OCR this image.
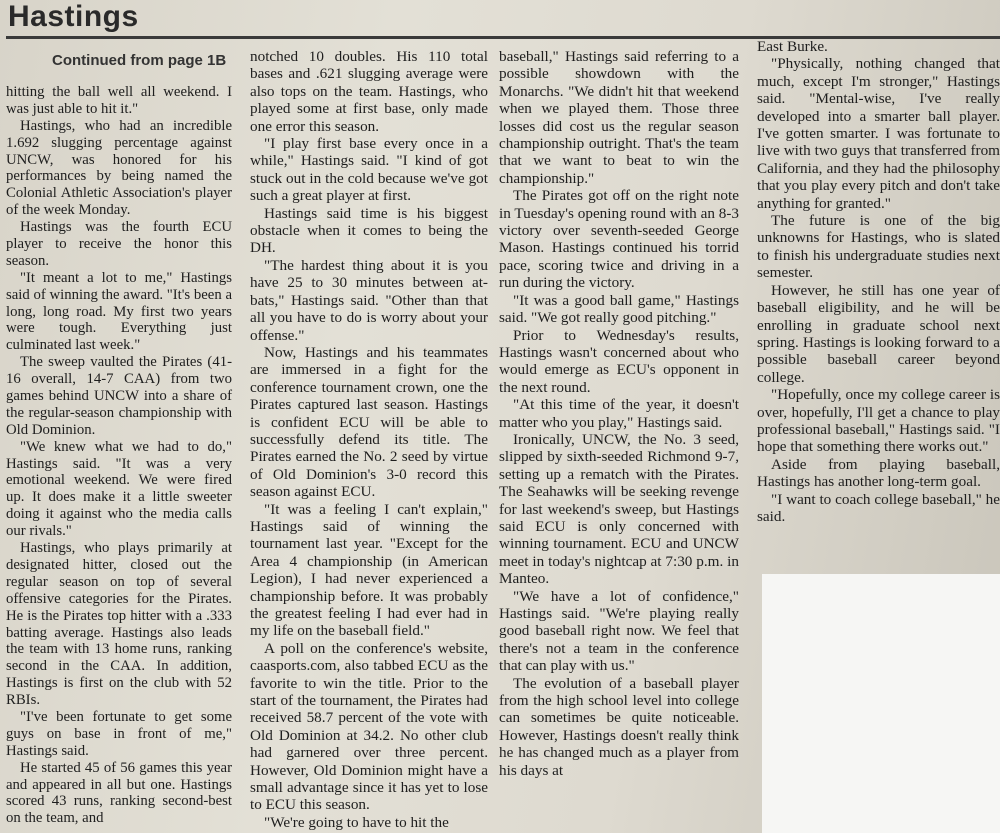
Hastings
Continued from page 1B

hitting the ball well all weekend. I was just able to hit it."

Hastings, who had an incredible 1.692 slugging percentage against UNCW, was honored for his performances by being named the Colonial Athletic Association's player of the week Monday.

Hastings was the fourth ECU player to receive the honor this season.

"It meant a lot to me," Hastings said of winning the award. "It's been a long, long road. My first two years were tough. Everything just culminated last week."

The sweep vaulted the Pirates (41-16 overall, 14-7 CAA) from two games behind UNCW into a share of the regular-season championship with Old Dominion.

"We knew what we had to do," Hastings said. "It was a very emotional weekend. We were fired up. It does make it a little sweeter doing it against who the media calls our rivals."

Hastings, who plays primarily at designated hitter, closed out the regular season on top of several offensive categories for the Pirates. He is the Pirates top hitter with a .333 batting average. Hastings also leads the team with 13 home runs, ranking second in the CAA. In addition, Hastings is first on the club with 52 RBIs.

"I've been fortunate to get some guys on base in front of me," Hastings said.

He started 45 of 56 games this year and appeared in all but one. Hastings scored 43 runs, ranking second-best on the team, and

notched 10 doubles. His 110 total bases and .621 slugging average were also tops on the team. Hastings, who played some at first base, only made one error this season.

"I play first base every once in a while," Hastings said. "I kind of got stuck out in the cold because we've got such a great player at first.

Hastings said time is his biggest obstacle when it comes to being the DH.

"The hardest thing about it is you have 25 to 30 minutes between at-bats," Hastings said. "Other than that all you have to do is worry about your offense."

Now, Hastings and his teammates are immersed in a fight for the conference tournament crown, one the Pirates captured last season. Hastings is confident ECU will be able to successfully defend its title. The Pirates earned the No. 2 seed by virtue of Old Dominion's 3-0 record this season against ECU.

"It was a feeling I can't explain," Hastings said of winning the tournament last year. "Except for the Area 4 championship (in American Legion), I had never experienced a championship before. It was probably the greatest feeling I had ever had in my life on the baseball field."

A poll on the conference's website, caasports.com, also tabbed ECU as the favorite to win the title. Prior to the start of the tournament, the Pirates had received 58.7 percent of the vote with Old Dominion at 34.2. No other club had garnered over three percent. However, Old Dominion might have a small advantage since it has yet to lose to ECU this season.

"We're going to have to hit the

baseball," Hastings said referring to a possible showdown with the Monarchs. "We didn't hit that weekend when we played them. Those three losses did cost us the regular season championship outright. That's the team that we want to beat to win the championship."

The Pirates got off on the right note in Tuesday's opening round with an 8-3 victory over seventh-seeded George Mason. Hastings continued his torrid pace, scoring twice and driving in a run during the victory.

"It was a good ball game," Hastings said. "We got really good pitching."

Prior to Wednesday's results, Hastings wasn't concerned about who would emerge as ECU's opponent in the next round.

"At this time of the year, it doesn't matter who you play," Hastings said.

Ironically, UNCW, the No. 3 seed, slipped by sixth-seeded Richmond 9-7, setting up a rematch with the Pirates. The Seahawks will be seeking revenge for last weekend's sweep, but Hastings said ECU is only concerned with winning tournament. ECU and UNCW meet in today's nightcap at 7:30 p.m. in Manteo.

"We have a lot of confidence," Hastings said. "We're playing really good baseball right now. We feel that there's not a team in the conference that can play with us."

The evolution of a baseball player from the high school level into college can sometimes be quite noticeable. However, Hastings doesn't really think he has changed much as a player from his days at

East Burke.

"Physically, nothing changed that much, except I'm stronger," Hastings said. "Mental-wise, I've really developed into a smarter ball player. I've gotten smarter. I was fortunate to live with two guys that transferred from California, and they had the philosophy that you play every pitch and don't take anything for granted."

The future is one of the big unknowns for Hastings, who is slated to finish his undergraduate studies next semester.

However, he still has one year of baseball eligibility, and he will be enrolling in graduate school next spring. Hastings is looking forward to a possible baseball career beyond college.

"Hopefully, once my college career is over, hopefully, I'll get a chance to play professional baseball," Hastings said. "I hope that something there works out."

Aside from playing baseball, Hastings has another long-term goal.

"I want to coach college baseball," he said.
